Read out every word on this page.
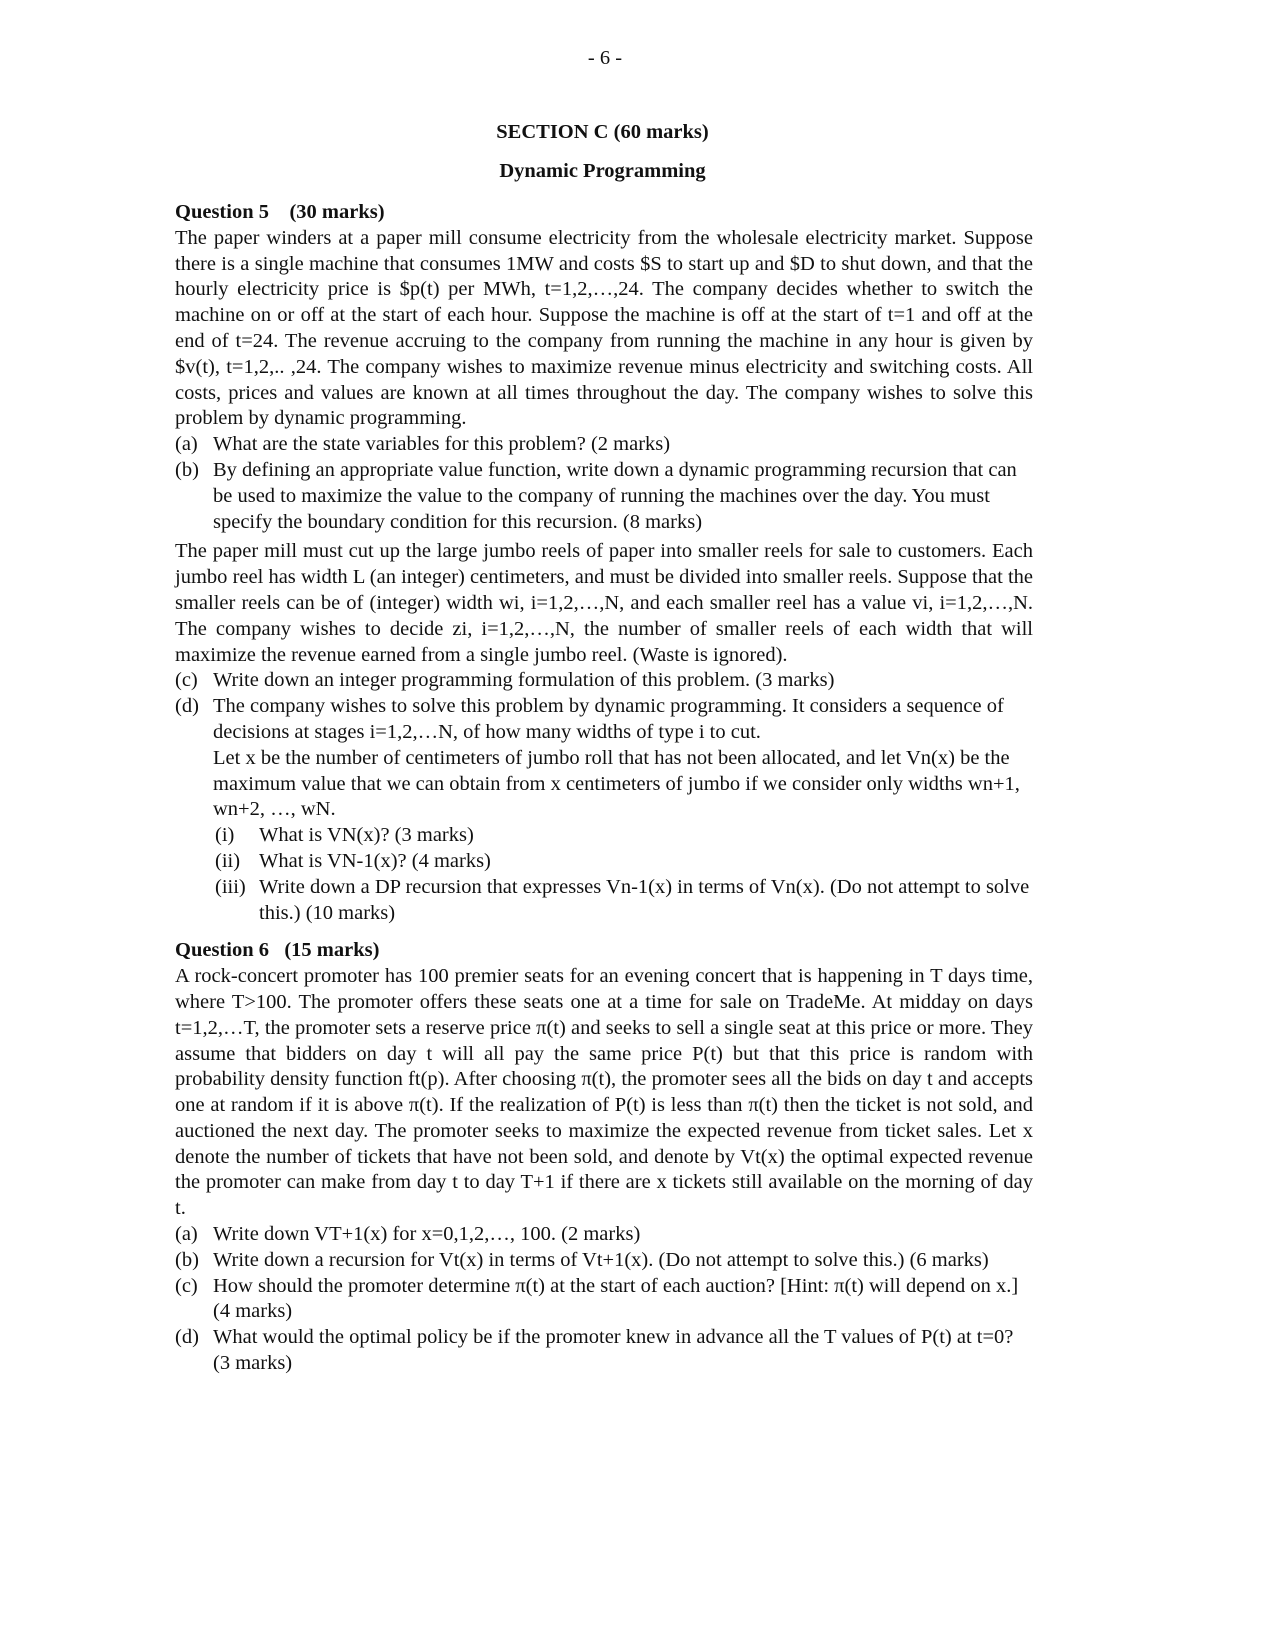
- 6 -
SECTION C (60 marks)
Dynamic Programming

Question 5    (30 marks)

The paper winders at a paper mill consume electricity from the wholesale electricity market. Suppose there is a single machine that consumes 1MW and costs $S to start up and $D to shut down, and that the hourly electricity price is $p(t) per MWh, t=1,2,…,24. The company decides whether to switch the machine on or off at the start of each hour. Suppose the machine is off at the start of t=1 and off at the end of t=24. The revenue accruing to the company from running the machine in any hour is given by $v(t), t=1,2,.. ,24. The company wishes to maximize revenue minus electricity and switching costs. All costs, prices and values are known at all times throughout the day. The company wishes to solve this problem by dynamic programming.

(a) What are the state variables for this problem? (2 marks)
(b) By defining an appropriate value function, write down a dynamic programming recursion that can be used to maximize the value to the company of running the machines over the day. You must specify the boundary condition for this recursion. (8 marks)

The paper mill must cut up the large jumbo reels of paper into smaller reels for sale to customers. Each jumbo reel has width L (an integer) centimeters, and must be divided into smaller reels. Suppose that the smaller reels can be of (integer) width wi, i=1,2,…,N, and each smaller reel has a value vi, i=1,2,…,N. The company wishes to decide zi, i=1,2,…,N, the number of smaller reels of each width that will maximize the revenue earned from a single jumbo reel. (Waste is ignored).

(c) Write down an integer programming formulation of this problem. (3 marks)
(d) The company wishes to solve this problem by dynamic programming. It considers a sequence of decisions at stages i=1,2,…N, of how many widths of type i to cut.

Let x be the number of centimeters of jumbo roll that has not been allocated, and let Vn(x) be the maximum value that we can obtain from x centimeters of jumbo if we consider only widths wn+1, wn+2, …, wN.

(i)	What is VN(x)? (3 marks)
(ii) What is VN-1(x)? (4 marks)
(iii) Write down a DP recursion that expresses Vn-1(x) in terms of Vn(x). (Do not attempt to solve this.) (10 marks)

Question 6   (15 marks)

A rock-concert promoter has 100 premier seats for an evening concert that is happening in T days time, where T>100. The promoter offers these seats one at a time for sale on TradeMe. At midday on days t=1,2,…T, the promoter sets a reserve price π(t) and seeks to sell a single seat at this price or more. They assume that bidders on day t will all pay the same price P(t) but that this price is random with probability density function ft(p). After choosing π(t), the promoter sees all the bids on day t and accepts one at random if it is above π(t). If the realization of P(t) is less than π(t) then the ticket is not sold, and auctioned the next day. The promoter seeks to maximize the expected revenue from ticket sales. Let x denote the number of tickets that have not been sold, and denote by Vt(x) the optimal expected revenue the promoter can make from day t to day T+1 if there are x tickets still available on the morning of day t.

(a) Write down VT+1(x) for x=0,1,2,…, 100. (2 marks)
(b) Write down a recursion for Vt(x) in terms of Vt+1(x). (Do not attempt to solve this.) (6 marks)
(c) How should the promoter determine π(t) at the start of each auction? [Hint: π(t) will depend on x.] (4 marks)
(d) What would the optimal policy be if the promoter knew in advance all the T values of P(t) at t=0? (3 marks)
